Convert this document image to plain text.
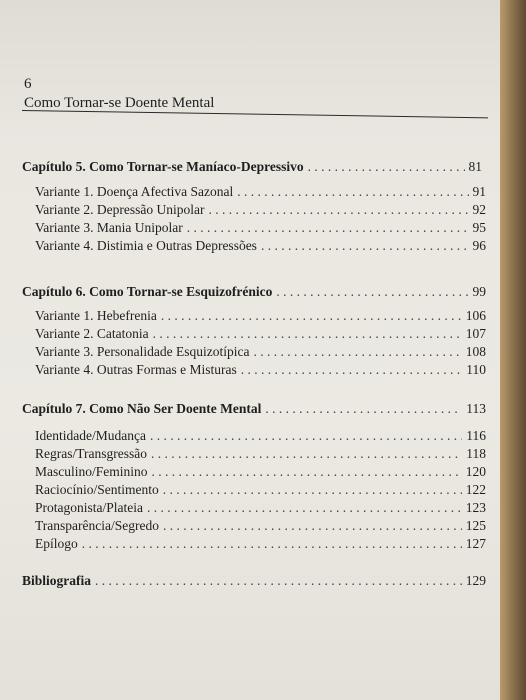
6
Como Tornar-se Doente Mental
Capítulo 5. Como Tornar-se Maníaco-Depressivo . . .	81
Variante 1. Doença Afectiva Sazonal . . .	91
Variante 2. Depressão Unipolar . . .	92
Variante 3. Mania Unipolar . . .	95
Variante 4. Distimia e Outras Depressões . . .	96
Capítulo 6. Como Tornar-se Esquizofrénico . . .	99
Variante 1. Hebefrenia . . .	106
Variante 2. Catatonia . . .	107
Variante 3. Personalidade Esquizotípica . . .	108
Variante 4. Outras Formas e Misturas . . .	110
Capítulo 7. Como Não Ser Doente Mental . . .	113
Identidade/Mudança . . .	116
Regras/Transgressão . . .	118
Masculino/Feminino . . .	120
Raciocínio/Sentimento . . .	122
Protagonista/Plateia . . .	123
Transparência/Segredo . . .	125
Epílogo . . .	127
Bibliografia . . .	129
